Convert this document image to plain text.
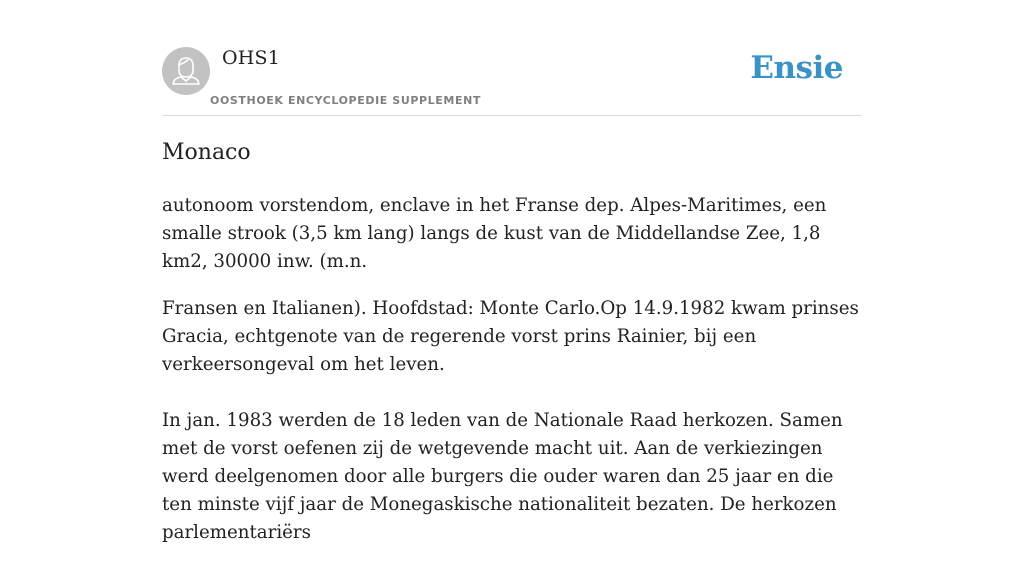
OHS1
OOSTHOEK ENCYCLOPEDIE SUPPLEMENT
Ensie
Monaco

autonoom vorstendom, enclave in het Franse dep. Alpes-Maritimes, een smalle strook (3,5 km lang) langs de kust van de Middellandse Zee, 1,8 km2, 30000 inw. (m.n.

Fransen en Italianen). Hoofdstad: Monte Carlo.Op 14.9.1982 kwam prinses Gracia, echtgenote van de regerende vorst prins Rainier, bij een verkeersongeval om het leven.

In jan. 1983 werden de 18 leden van de Nationale Raad herkozen. Samen met de vorst oefenen zij de wetgevende macht uit. Aan de verkiezingen werd deelgenomen door alle burgers die ouder waren dan 25 jaar en die ten minste vijf jaar de Monegaskische nationaliteit bezaten. De herkozen parlementariërs
